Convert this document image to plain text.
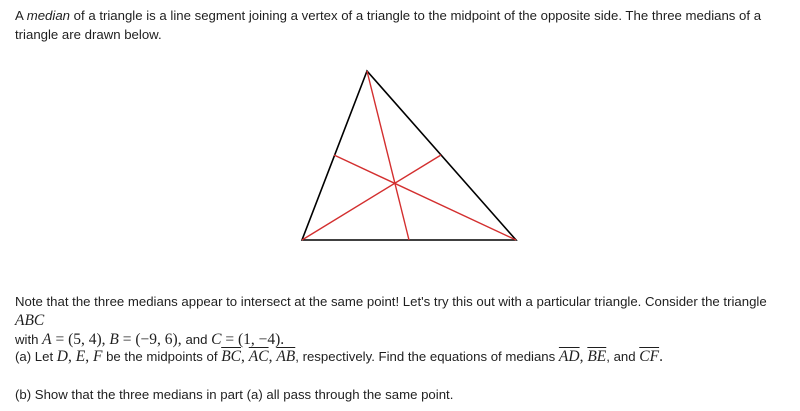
A median of a triangle is a line segment joining a vertex of a triangle to the midpoint of the opposite side. The three medians of a triangle are drawn below.
Note that the three medians appear to intersect at the same point! Let's try this out with a particular triangle. Consider the triangle ABC
with A = (5, 4), B = (−9, 6), and C = (1, −4).
(a) Let D, E, F be the midpoints of $\overline{BC}$, $\overline{AC}$, $\overline{AB}$, respectively. Find the equations of medians $\overline{AD}$, $\overline{BE}$, and $\overline{CF}$.
(b) Show that the three medians in part (a) all pass through the same point.
